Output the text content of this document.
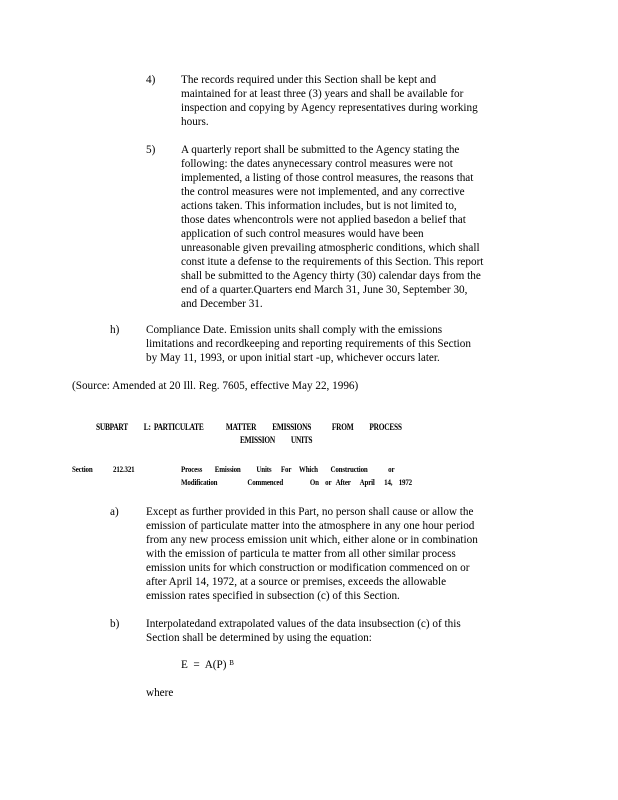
4) The records required under this Section shall be kept and
maintained for at least three (3) years and shall be available for
inspection and copying by Agency representatives during working
hours.

5) A quarterly report shall be submitted to the Agency stating the
following: the dates anynecessary control measures were not
implemented, a listing of those control measures, the reasons that
the control measures were not implemented, and any corrective
actions taken. This information includes, but is not limited to,
those dates whencontrols were not applied basedon a belief that
application of such control measures would have been
unreasonable given prevailing atmospheric conditions, which shall
const itute a defense to the requirements of this Section. This report
shall be submitted to the Agency thirty (30) calendar days from the
end of a quarter.Quarters end March 31, June 30, September 30,
and December 31.

h) Compliance Date. Emission units shall comply with the emissions
limitations and recordkeeping and reporting requirements of this Section
by May 11, 1993, or upon initial start -up, whichever occurs later.

(Source: Amended at 20 Ill. Reg. 7605, effective May 22, 1996)

SUBPART          L:  PARTICULATE              MATTER          EMISSIONS             FROM          PROCESS
EMISSION          UNITS
Section 212.321	Process        Emission          Units      For     Which        Construction             or
Modification                   Commenced                 On    or   After      April      14,    1972
a) Except as further provided in this Part, no person shall cause or allow the
emission of particulate matter into the atmosphere in any one hour period
from any new process emission unit which, either alone or in combination
with the emission of particula te matter from all other similar process
emission units for which construction or modification commenced on or
after April 14, 1972, at a source or premises, exceeds the allowable
emission rates specified in subsection (c) of this Section.

b) Interpolatedand extrapolated values of the data insubsection (c) of this
Section shall be determined by using the equation:

E  =  A(P) $^B$
where
